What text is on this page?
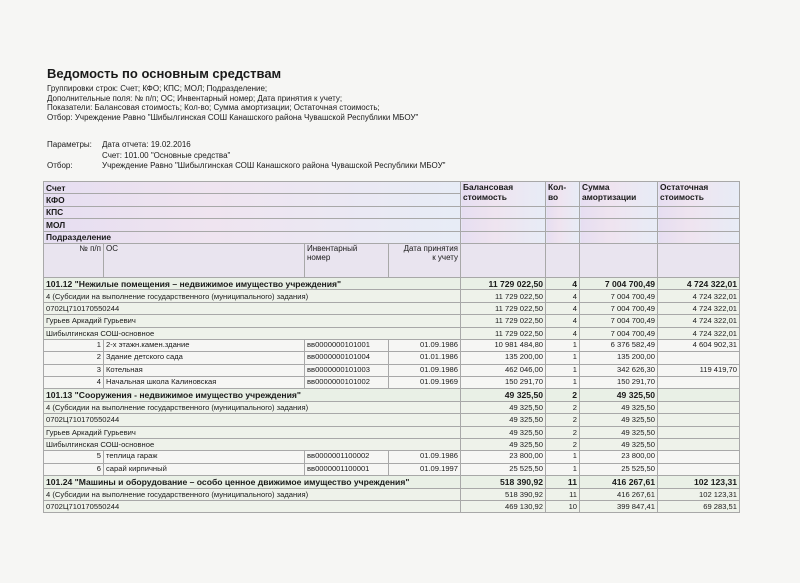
Ведомость по основным средствам
Группировки строк: Счет; КФО; КПС; МОЛ; Подразделение;
Дополнительные поля: № п/п; ОС; Инвентарный номер; Дата принятия к учету;
Показатели: Балансовая стоимость; Кол-во; Сумма амортизации; Остаточная стоимость;
Отбор: Учреждение Равно "Шибылгинская СОШ Канашского района Чувашской Республики МБОУ"
Параметры:	Дата отчета: 19.02.2016
Счет: 101.00 "Основные средства"
Отбор:	Учреждение Равно "Шибылгинская СОШ Канашского района Чувашской Республики МБОУ"
Счет				Балансовая
стоимость	Кол-
во	Сумма
амортизации	Остаточная
стоимость
КФО							
КПС							
МОЛ							
Подразделение							
№ п/п	ОС	Инвентарный
номер	Дата принятия
к учету				
101.12 "Нежилые помещения – недвижимое имущество учреждения"				11 729 022,50	4	7 004 700,49	4 724 322,01
4 (Субсидии на выполнение государственного (муниципального) задания)				11 729 022,50	4	7 004 700,49	4 724 322,01
0702Ц710170550244				11 729 022,50	4	7 004 700,49	4 724 322,01
Гурьев Аркадий Гурьевич				11 729 022,50	4	7 004 700,49	4 724 322,01
Шибылгинская СОШ-основное				11 729 022,50	4	7 004 700,49	4 724 322,01
1	2-х этажн.камен.здание	вв0000000101001	01.09.1986	10 981 484,80	1	6 376 582,49	4 604 902,31
2	Здание детского сада	вв0000000101004	01.01.1986	135 200,00	1	135 200,00	
3	Котельная	вв0000000101003	01.09.1986	462 046,00	1	342 626,30	119 419,70
4	Начальная школа Калиновская	вв0000000101002	01.09.1969	150 291,70	1	150 291,70	
101.13 "Сооружения - недвижимое имущество учреждения"				49 325,50	2	49 325,50	
4 (Субсидии на выполнение государственного (муниципального) задания)				49 325,50	2	49 325,50	
0702Ц710170550244				49 325,50	2	49 325,50	
Гурьев Аркадий Гурьевич				49 325,50	2	49 325,50	
Шибылгинская СОШ-основное				49 325,50	2	49 325,50	
5	теплица гараж	вв0000001100002	01.09.1986	23 800,00	1	23 800,00	
6	сарай кирпичный	вв0000001100001	01.09.1997	25 525,50	1	25 525,50	
101.24 "Машины и оборудование – особо ценное движимое имущество учреждения"				518 390,92	11	416 267,61	102 123,31
4 (Субсидии на выполнение государственного (муниципального) задания)				518 390,92	11	416 267,61	102 123,31
0702Ц710170550244				469 130,92	10	399 847,41	69 283,51
